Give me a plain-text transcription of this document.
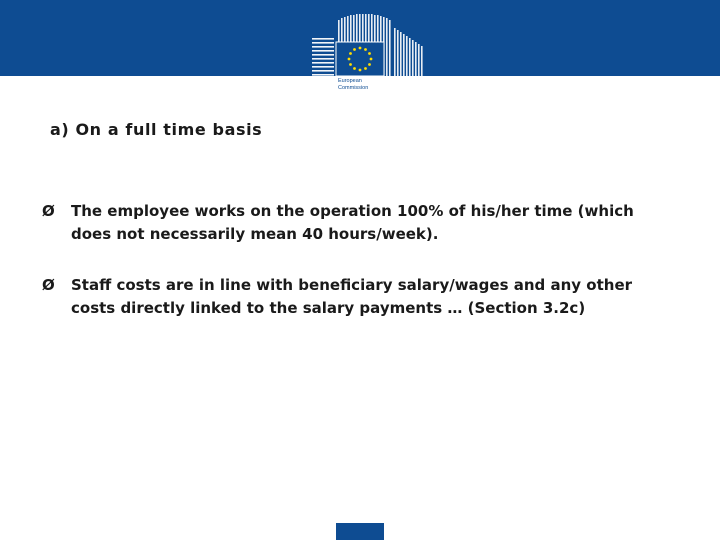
European
Commission
a) On a full time basis
Ø	The employee works on the operation 100% of his/her time (which does not necessarily mean 40 hours/week).
Ø	Staff costs are in line with beneficiary salary/wages and any other costs directly linked to the salary payments … (Section 3.2c)
